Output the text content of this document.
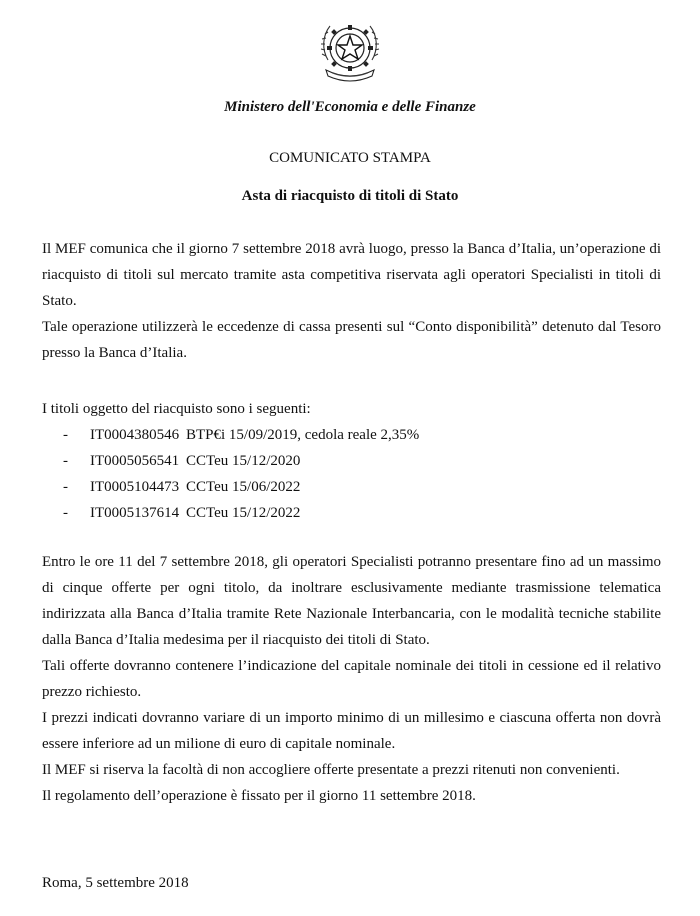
Ministero dell'Economia e delle Finanze
COMUNICATO STAMPA
Asta di riacquisto di titoli di Stato

Il MEF comunica che il giorno 7 settembre 2018 avrà luogo, presso la Banca d’Italia, un’operazione di riacquisto di titoli sul mercato tramite asta competitiva riservata agli operatori Specialisti in titoli di Stato.

Tale operazione utilizzerà le eccedenze di cassa presenti sul “Conto disponibilità” detenuto dal Tesoro presso la Banca d’Italia.

I titoli oggetto del riacquisto sono i seguenti:

-	IT0004380546 BTP€i 15/09/2019, cedola reale 2,35%
-	IT0005056541 CCTeu 15/12/2020
-	IT0005104473 CCTeu 15/06/2022
-	IT0005137614 CCTeu 15/12/2022

Entro le ore 11 del 7 settembre 2018, gli operatori Specialisti potranno presentare fino ad un massimo di cinque offerte per ogni titolo, da inoltrare esclusivamente mediante trasmissione telematica indirizzata alla Banca d’Italia tramite Rete Nazionale Interbancaria, con le modalità tecniche stabilite dalla Banca d’Italia medesima per il riacquisto dei titoli di Stato.

Tali offerte dovranno contenere l’indicazione del capitale nominale dei titoli in cessione ed il relativo prezzo richiesto.

I prezzi indicati dovranno variare di un importo minimo di un millesimo e ciascuna offerta non dovrà essere inferiore ad un milione di euro di capitale nominale.

Il MEF si riserva la facoltà di non accogliere offerte presentate a prezzi ritenuti non convenienti.

Il regolamento dell’operazione è fissato per il giorno 11 settembre 2018.

Roma, 5 settembre 2018
